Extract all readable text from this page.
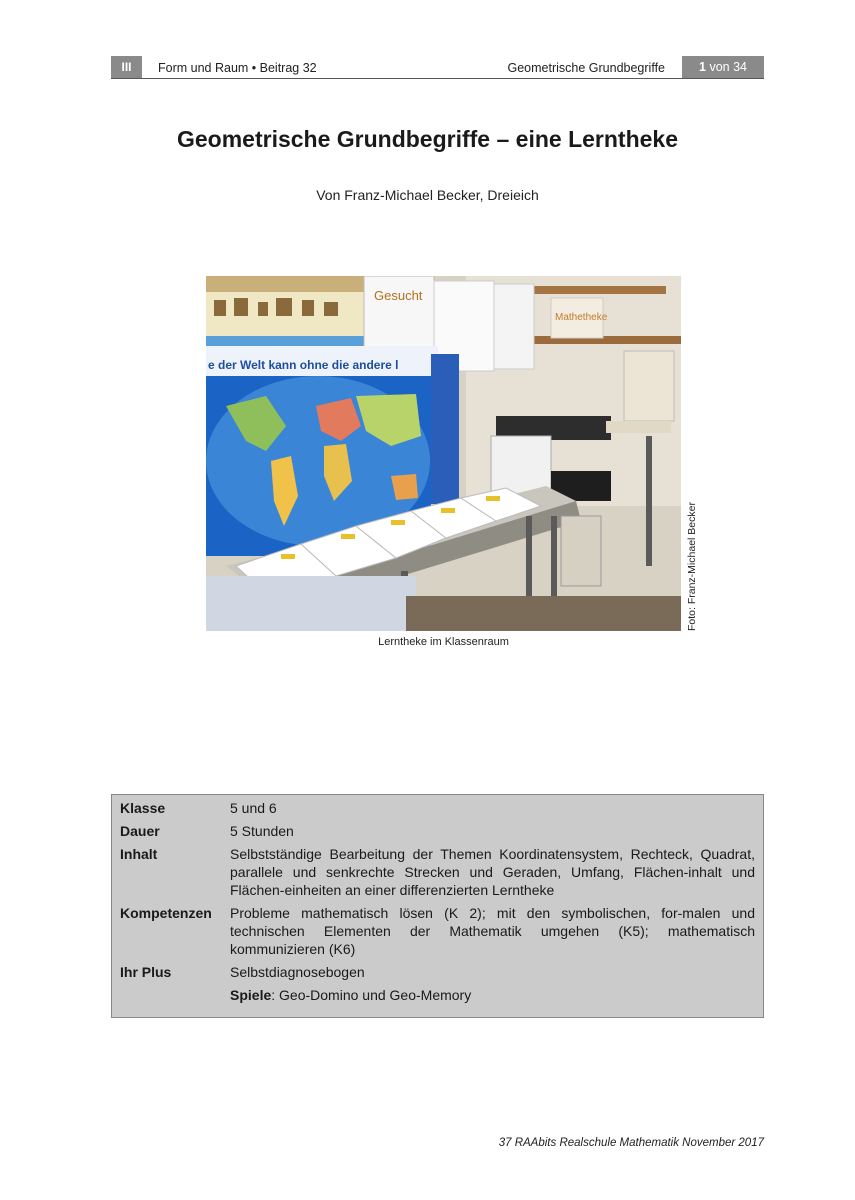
III	Form und Raum • Beitrag 32	Geometrische Grundbegriffe	1 von 34
Geometrische Grundbegriffe – eine Lerntheke
Von Franz-Michael Becker, Dreieich
Gesucht
Mathetheke
e der Welt kann ohne die andere l
Lerntheke im Klassenraum
Foto: Franz-Michael Becker
Klasse	5 und 6
Dauer	5 Stunden
Inhalt	Selbstständige Bearbeitung der Themen Koordinatensystem, Rechteck, Quadrat, parallele und senkrechte Strecken und Geraden, Umfang, Flächen-inhalt und Flächen-einheiten an einer differenzierten Lerntheke
Kompetenzen	Probleme mathematisch lösen (K 2); mit den symbolischen, for-malen und technischen Elementen der Mathematik umgehen (K5); mathematisch kommunizieren (K6)
Ihr Plus	Selbstdiagnosebogen
Spiele: Geo-Domino und Geo-Memory
37 RAAbits Realschule Mathematik November 2017
